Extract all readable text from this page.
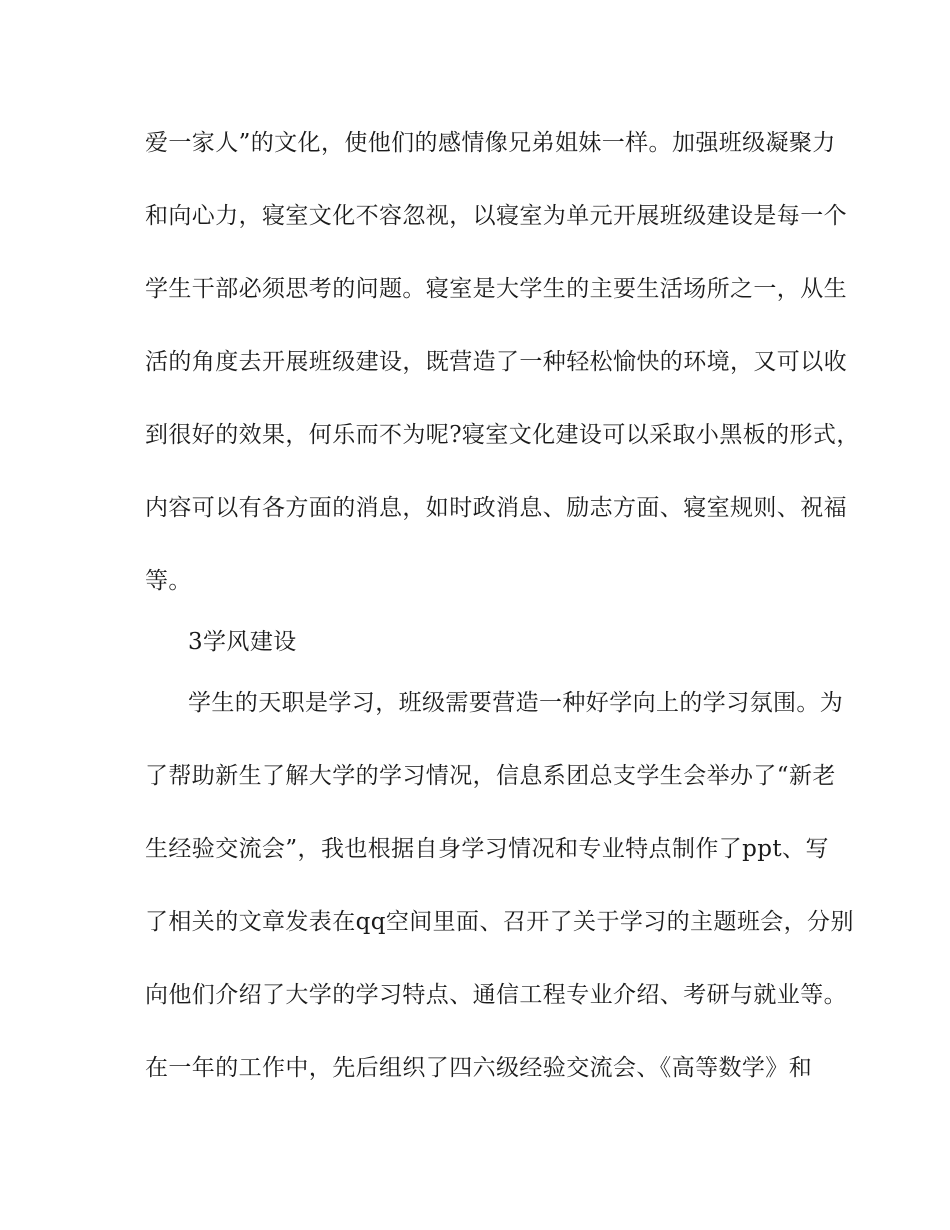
爱一家人”的文化，使他们的感情像兄弟姐妹一样。加强班级凝聚力
和向心力，寝室文化不容忽视，以寝室为单元开展班级建设是每一个
学生干部必须思考的问题。寝室是大学生的主要生活场所之一，从生
活的角度去开展班级建设，既营造了一种轻松愉快的环境，又可以收
到很好的效果，何乐而不为呢?寝室文化建设可以采取小黑板的形式，
内容可以有各方面的消息，如时政消息、励志方面、寝室规则、祝福
等。
3学风建设
学生的天职是学习，班级需要营造一种好学向上的学习氛围。为
了帮助新生了解大学的学习情况，信息系团总支学生会举办了“新老
生经验交流会”，我也根据自身学习情况和专业特点制作了ppt、写
了相关的文章发表在qq空间里面、召开了关于学习的主题班会，分别
向他们介绍了大学的学习特点、通信工程专业介绍、考研与就业等。
在一年的工作中，先后组织了四六级经验交流会、《高等数学》和
